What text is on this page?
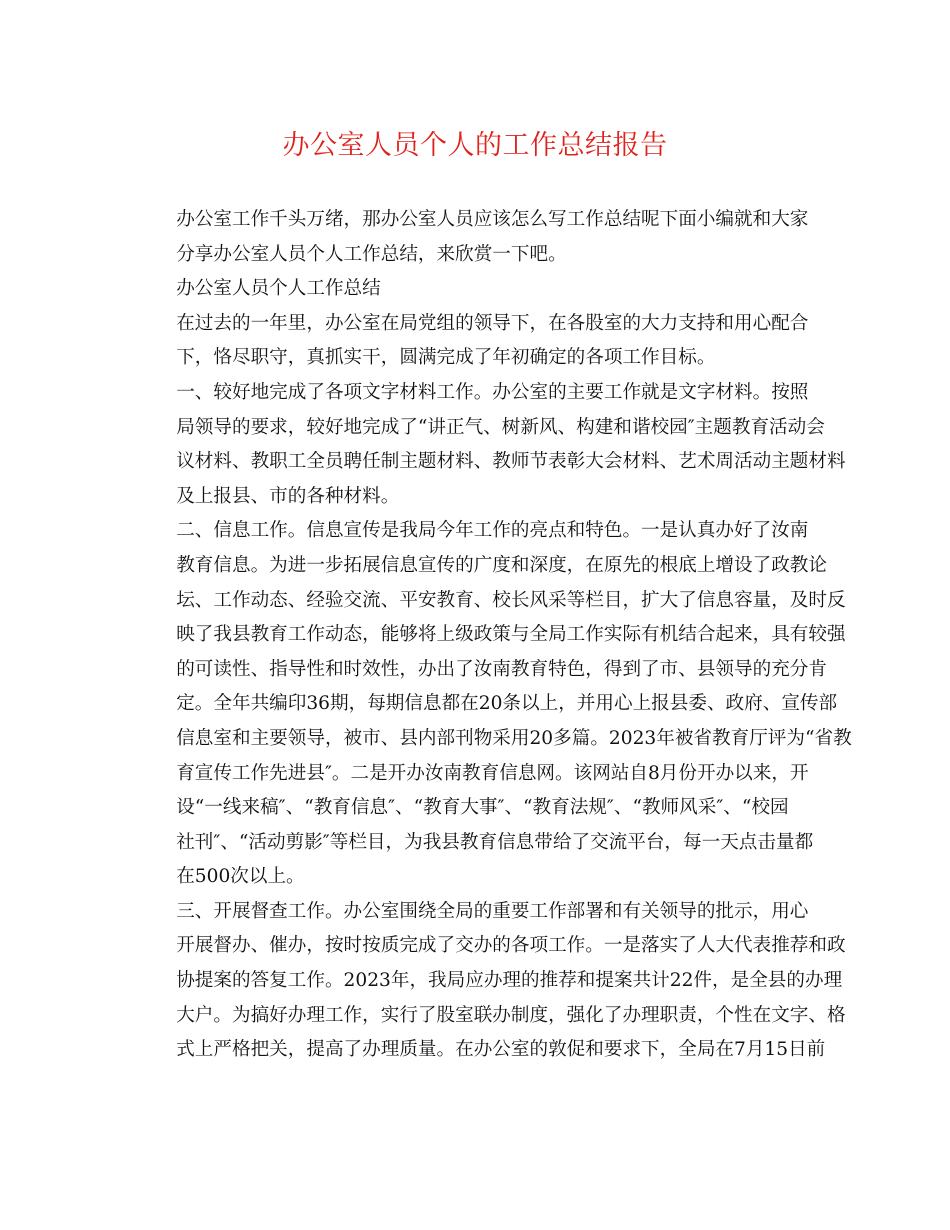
办公室人员个人的工作总结报告

办公室工作千头万绪，那办公室人员应该怎么写工作总结呢下面小编就和大家
分享办公室人员个人工作总结，来欣赏一下吧。

办公室人员个人工作总结

在过去的一年里，办公室在局党组的领导下，在各股室的大力支持和用心配合
下，恪尽职守，真抓实干，圆满完成了年初确定的各项工作目标。

一、较好地完成了各项文字材料工作。办公室的主要工作就是文字材料。按照
局领导的要求，较好地完成了“讲正气、树新风、构建和谐校园″主题教育活动会
议材料、教职工全员聘任制主题材料、教师节表彰大会材料、艺术周活动主题材料
及上报县、市的各种材料。

二、信息工作。信息宣传是我局今年工作的亮点和特色。一是认真办好了汝南
教育信息。为进一步拓展信息宣传的广度和深度，在原先的根底上增设了政教论
坛、工作动态、经验交流、平安教育、校长风采等栏目，扩大了信息容量，及时反
映了我县教育工作动态，能够将上级政策与全局工作实际有机结合起来，具有较强
的可读性、指导性和时效性，办出了汝南教育特色，得到了市、县领导的充分肯
定。全年共编印36期，每期信息都在20条以上，并用心上报县委、政府、宣传部
信息室和主要领导，被市、县内部刊物采用20多篇。2023年被省教育厅评为“省教
育宣传工作先进县″。二是开办汝南教育信息网。该网站自8月份开办以来，开
设“一线来稿″、“教育信息″、“教育大事″、“教育法规″、“教师风采″、“校园
社刊″、“活动剪影″等栏目，为我县教育信息带给了交流平台，每一天点击量都
在500次以上。

三、开展督查工作。办公室围绕全局的重要工作部署和有关领导的批示，用心
开展督办、催办，按时按质完成了交办的各项工作。一是落实了人大代表推荐和政
协提案的答复工作。2023年，我局应办理的推荐和提案共计22件，是全县的办理
大户。为搞好办理工作，实行了股室联办制度，强化了办理职责，个性在文字、格
式上严格把关，提高了办理质量。在办公室的敦促和要求下，全局在7月15日前
